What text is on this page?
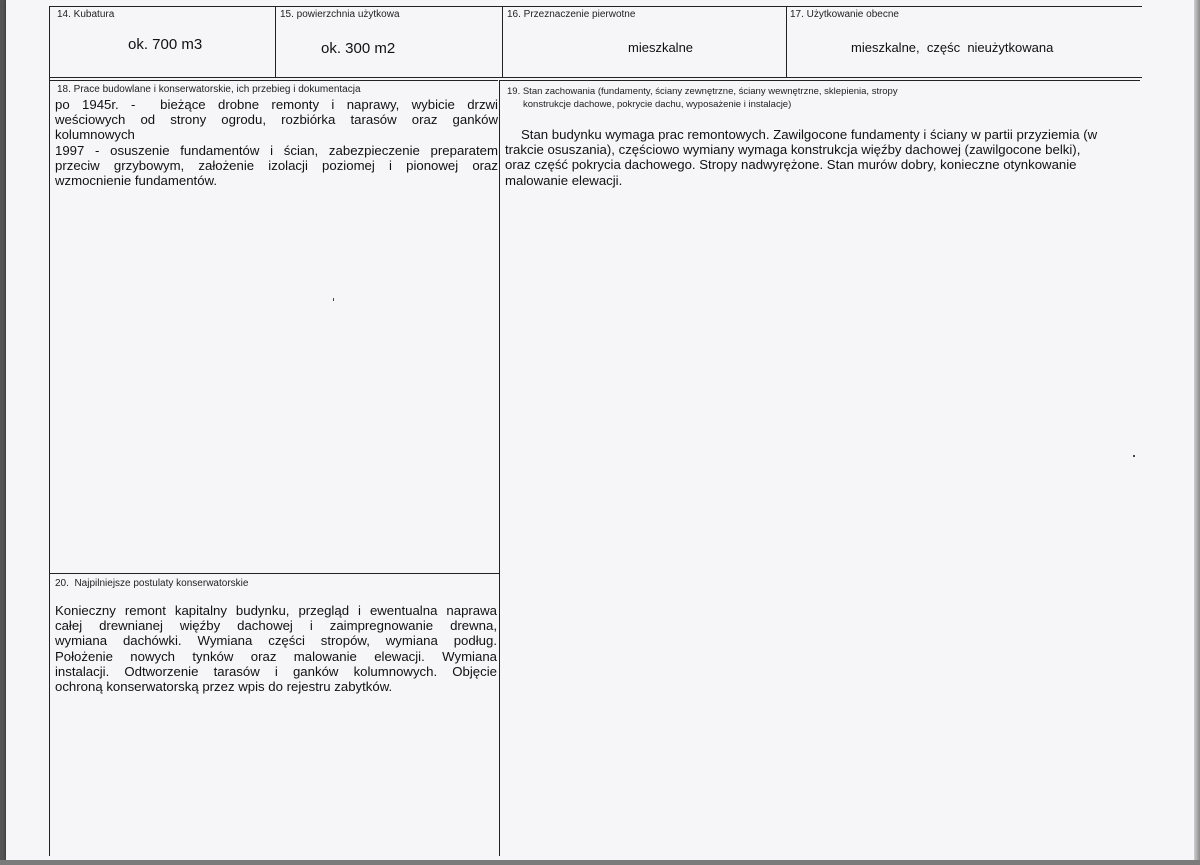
14. Kubatura
ok. 700 m3
15. powierzchnia użytkowa
ok. 300 m2
16. Przeznaczenie pierwotne
mieszkalne
17. Użytkowanie obecne
mieszkalne,  częśc  nieużytkowana
18. Prace budowlane i konserwatorskie, ich przebieg i dokumentacja
po  1945r.  -    bieżące  drobne  remonty  i  naprawy,  wybicie  drzwi
weściowych  od  strony  ogrodu,  rozbiórka  tarasów  oraz  ganków
kolumnowych
1997 - osuszenie fundamentów i ścian, zabezpieczenie preparatem
przeciw  grzybowym,  założenie  izolacji  poziomej  i  pionowej  oraz
wzmocnienie fundamentów.
19. Stan zachowania (fundamenty, ściany zewnętrzne, ściany wewnętrzne, sklepienia, stropy
konstrukcje dachowe, pokrycie dachu, wyposażenie i instalacje)
Stan budynku wymaga prac remontowych. Zawilgocone fundamenty i ściany w partii przyziemia (w
trakcie osuszania), częściowo wymiany wymaga konstrukcja więźby dachowej (zawilgocone belki),
oraz część pokrycia dachowego. Stropy nadwyrężone. Stan murów dobry, konieczne otynkowanie
malowanie elewacji.
20.  Najpilniejsze postulaty konserwatorskie
Konieczny remont kapitalny budynku, przegląd i ewentualna naprawa
całej  drewnianej  więźby  dachowej  i  zaimpregnowanie  drewna,
wymiana  dachówki.  Wymiana  części  stropów,  wymiana  podług.
Położenie  nowych  tynków  oraz  malowanie  elewacji.  Wymiana
instalacji.  Odtworzenie  tarasów  i  ganków  kolumnowych.  Objęcie
ochroną konserwatorską przez wpis do rejestru zabytków.
